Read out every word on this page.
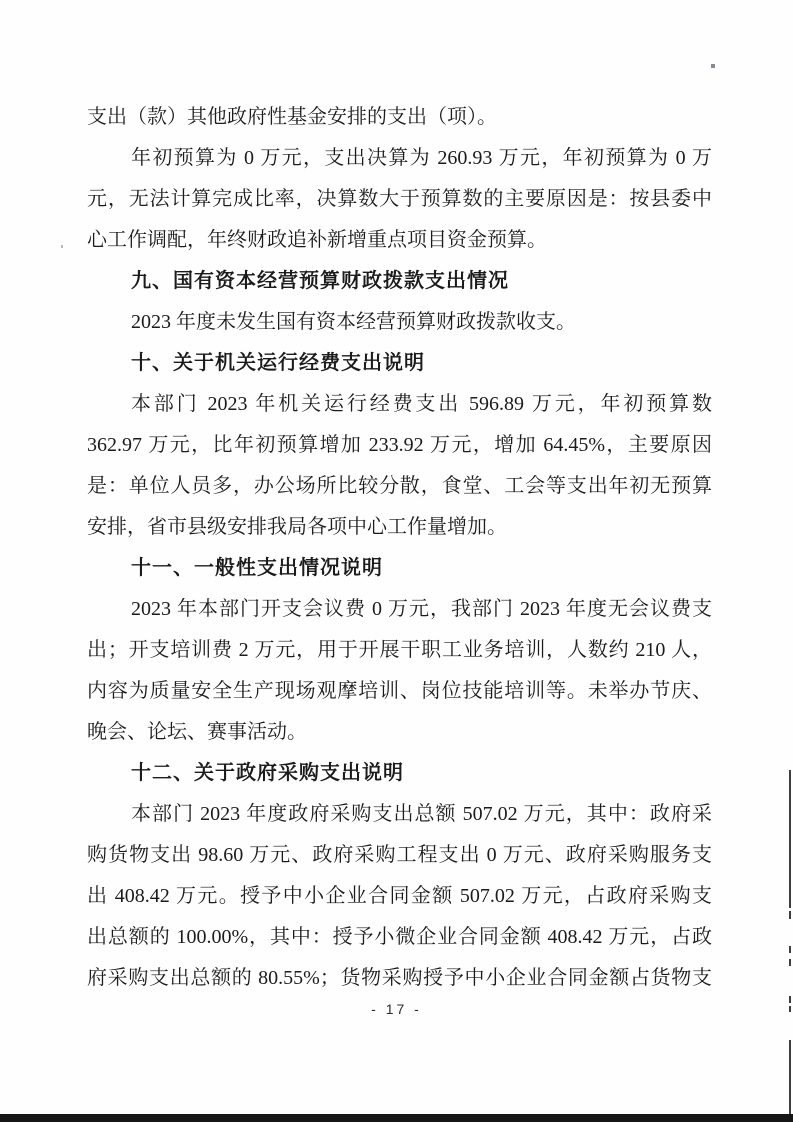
支出（款）其他政府性基金安排的支出（项）。
年初预算为 0 万元，支出决算为 260.93 万元，年初预算为 0 万
元，无法计算完成比率，决算数大于预算数的主要原因是：按县委中
心工作调配，年终财政追补新增重点项目资金预算。
九、国有资本经营预算财政拨款支出情况
2023 年度未发生国有资本经营预算财政拨款收支。
十、关于机关运行经费支出说明
本部门 2023 年机关运行经费支出 596.89 万元，年初预算数
362.97 万元，比年初预算增加 233.92 万元，增加 64.45%，主要原因
是：单位人员多，办公场所比较分散，食堂、工会等支出年初无预算
安排，省市县级安排我局各项中心工作量增加。
十一、一般性支出情况说明
2023 年本部门开支会议费 0 万元，我部门 2023 年度无会议费支
出；开支培训费 2 万元，用于开展干职工业务培训，人数约 210 人，
内容为质量安全生产现场观摩培训、岗位技能培训等。未举办节庆、
晚会、论坛、赛事活动。
十二、关于政府采购支出说明
本部门 2023 年度政府采购支出总额 507.02 万元，其中：政府采
购货物支出 98.60 万元、政府采购工程支出 0 万元、政府采购服务支
出 408.42 万元。授予中小企业合同金额 507.02 万元，占政府采购支
出总额的 100.00%，其中：授予小微企业合同金额 408.42 万元，占政
府采购支出总额的 80.55%；货物采购授予中小企业合同金额占货物支
- 17 -
